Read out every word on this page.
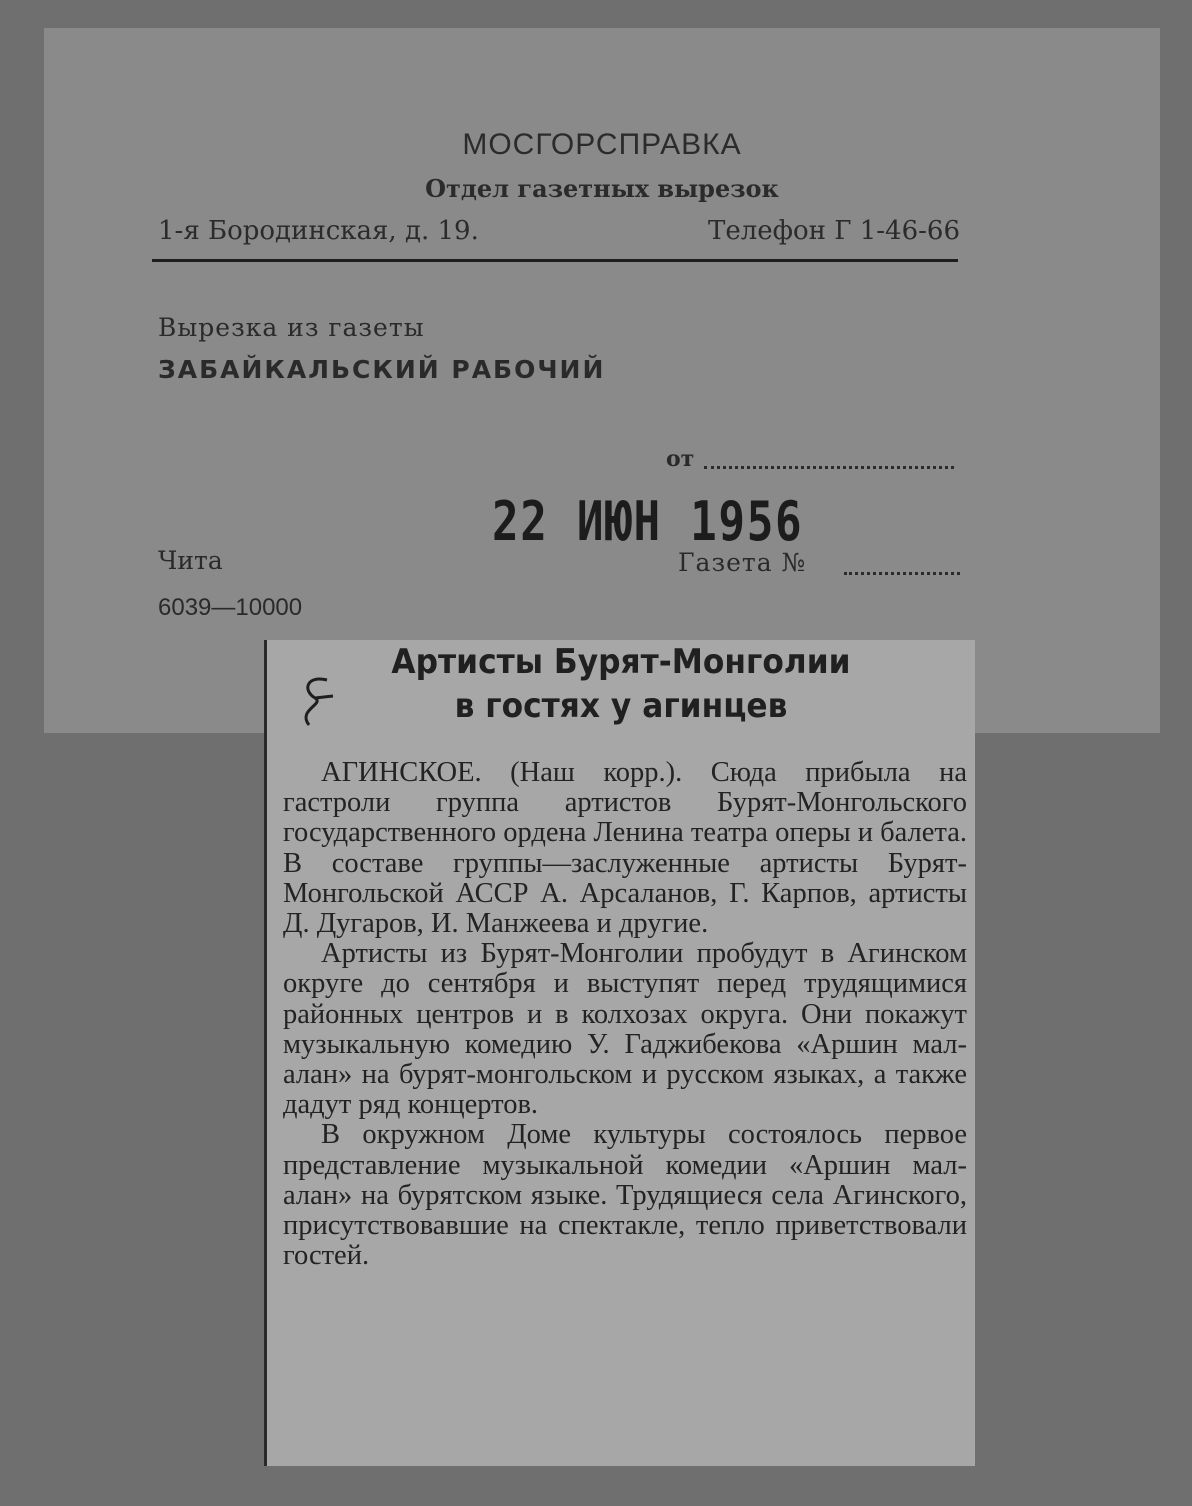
МОСГОРСПРАВКА
Отдел газетных вырезок
1-я Бородинская, д. 19.	Телефон Г 1-46-66
Вырезка из газеты
ЗАБАЙКАЛЬСКИЙ РАБОЧИЙ
от
22 ИЮН 1956
Чита	Газета №
6039—10000
Артисты Бурят-Монголии
в гостях у агинцев

АГИНСКОЕ. (Наш корр.). Сюда прибыла на гастроли группа артистов Бурят-Монгольского государственного ордена Ленина театра оперы и балета. В составе группы—заслуженные артисты Бурят-Монгольской АССР А. Арсаланов, Г. Карпов, артисты Д. Дугаров, И. Манжеева и другие.

Артисты из Бурят-Монголии пробудут в Агинском округе до сентября и выступят перед трудящимися районных центров и в колхозах округа. Они покажут музыкальную комедию У. Гаджибекова «Аршин мал-алан» на бурят-монгольском и русском языках, а также дадут ряд концертов.

В окружном Доме культуры состоялось первое представление музыкальной комедии «Аршин мал-алан» на бурятском языке. Трудящиеся села Агинского, присутствовавшие на спектакле, тепло приветствовали гостей.
